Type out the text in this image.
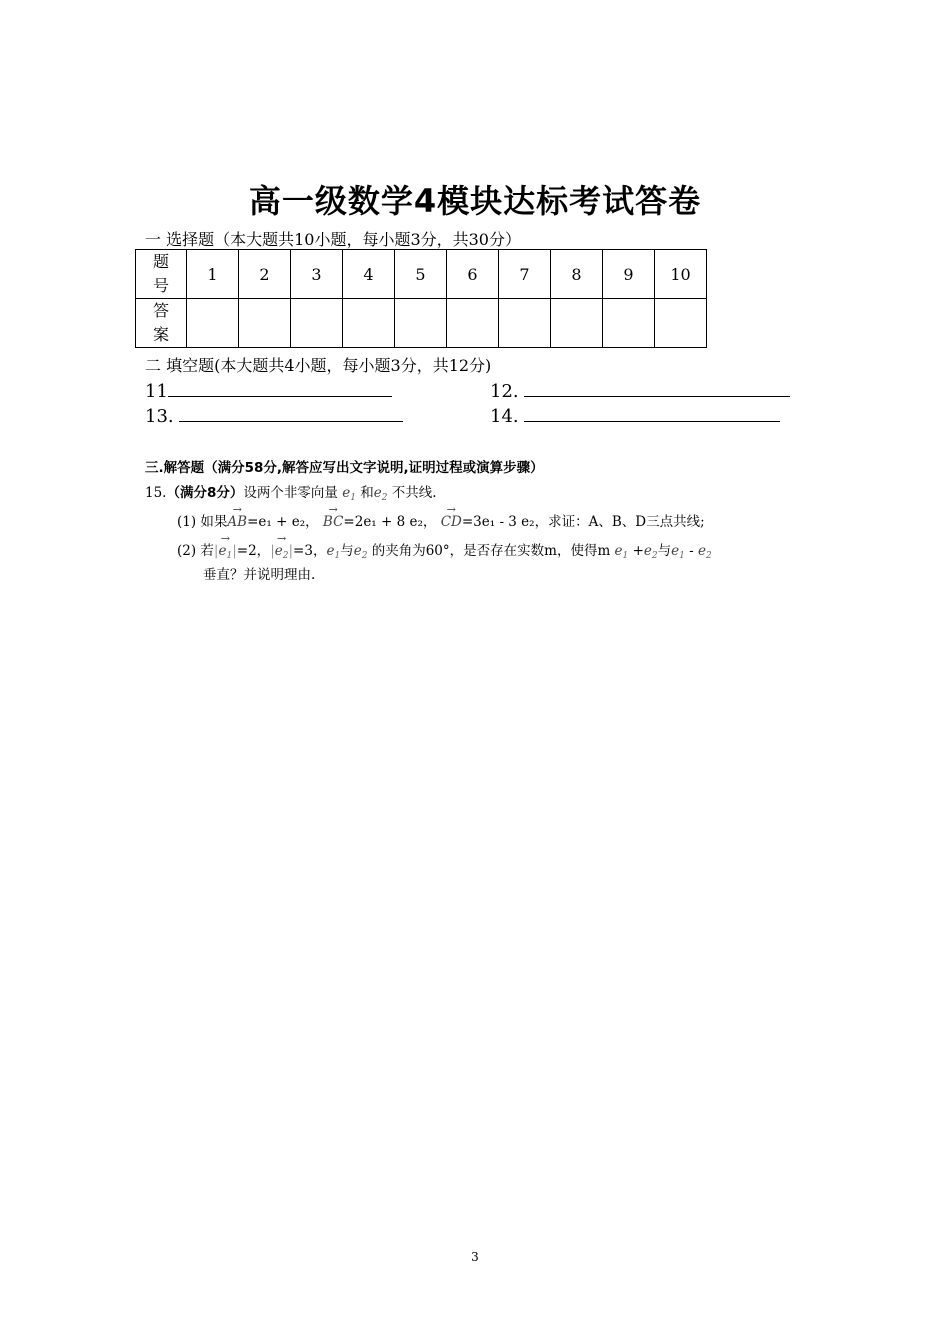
高一级数学4模块达标考试答卷
一 选择题（本大题共10小题，每小题3分，共30分）
题
号	1	2	3	4	5	6	7	8	9	10

答
案										

二 填空题(本大题共4小题，每小题3分，共12分)
11	12.
13.	14.
三.解答题（满分58分,解答应写出文字说明,证明过程或演算步骤）
15.（满分8分）设两个非零向量 $e_1$ 和$e_2$ 不共线.
(1) 如果→ AB=e₁ + e₂， → BC=2e₁ + 8 e₂， → CD=3e₁ - 3 e₂，求证：A、B、D三点共线;
(2) 若|→ $e_1|=2$，|→ $e_2|=3$，$e_1$与$e_2$ 的夹角为60°，是否存在实数m，使得m $e_1 +e_2$与$e_1 - e_2$
垂直？并说明理由.
3
